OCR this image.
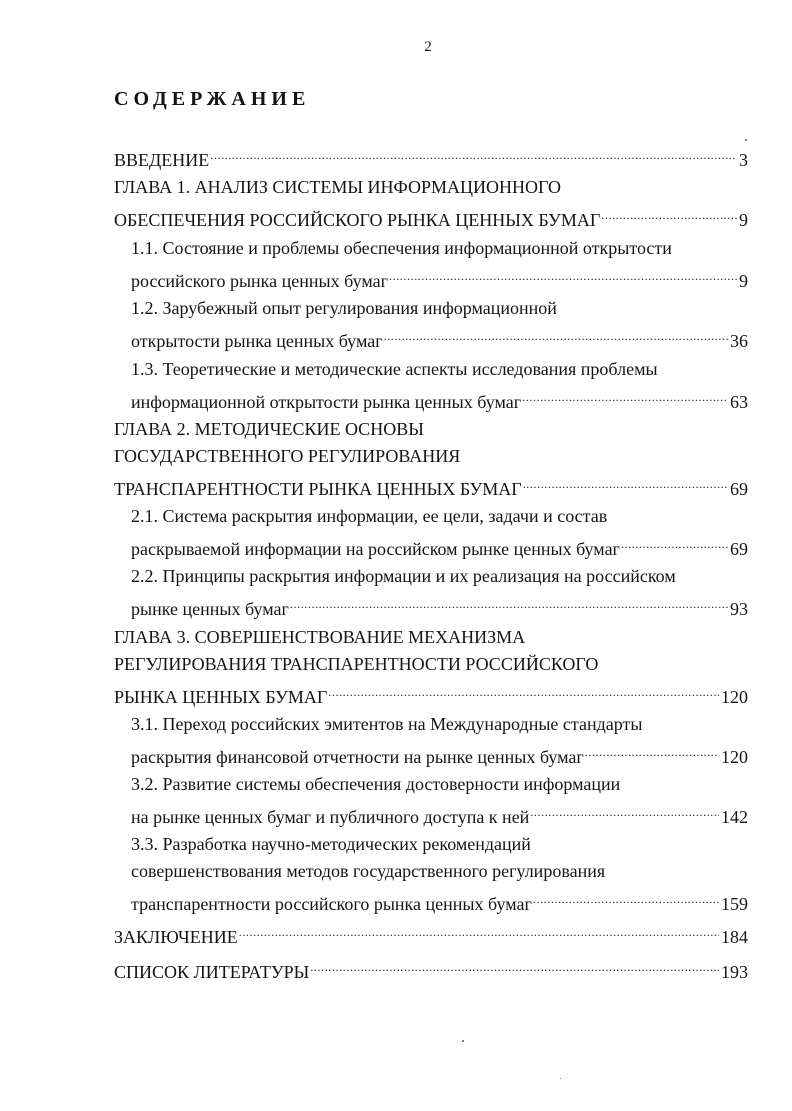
2
СОДЕРЖАНИЕ
ВВЕДЕНИЕ .....	3
ГЛАВА 1. АНАЛИЗ СИСТЕМЫ ИНФОРМАЦИОННОГО
ОБЕСПЕЧЕНИЯ РОССИЙСКОГО РЫНКА ЦЕННЫХ БУМАГ .....	9
1.1. Состояние и проблемы обеспечения информационной открытости
российского рынка ценных бумаг .....	9
1.2. Зарубежный опыт регулирования информационной
открытости рынка ценных бумаг .....	36
1.3. Теоретические и методические аспекты исследования проблемы
информационной открытости рынка ценных бумаг .....	63
ГЛАВА 2. МЕТОДИЧЕСКИЕ ОСНОВЫ
ГОСУДАРСТВЕННОГО РЕГУЛИРОВАНИЯ
ТРАНСПАРЕНТНОСТИ РЫНКА ЦЕННЫХ БУМАГ .....	69
2.1. Система раскрытия информации, ее цели, задачи и состав
раскрываемой информации на российском рынке ценных бумаг .....	69
2.2. Принципы раскрытия информации и их реализация на российском
рынке ценных бумаг .....	93
ГЛАВА 3. СОВЕРШЕНСТВОВАНИЕ МЕХАНИЗМА
РЕГУЛИРОВАНИЯ ТРАНСПАРЕНТНОСТИ РОССИЙСКОГО
РЫНКА ЦЕННЫХ БУМАГ .....	120
3.1. Переход российских эмитентов на Международные стандарты
раскрытия финансовой отчетности на рынке ценных бумаг .....	120
3.2. Развитие системы обеспечения достоверности информации
на рынке ценных бумаг и публичного доступа к ней .....	142
3.3. Разработка научно-методических рекомендаций
совершенствования методов государственного регулирования
транспарентности российского рынка ценных бумаг .....	159
ЗАКЛЮЧЕНИЕ .....	184
СПИСОК ЛИТЕРАТУРЫ .....	193
